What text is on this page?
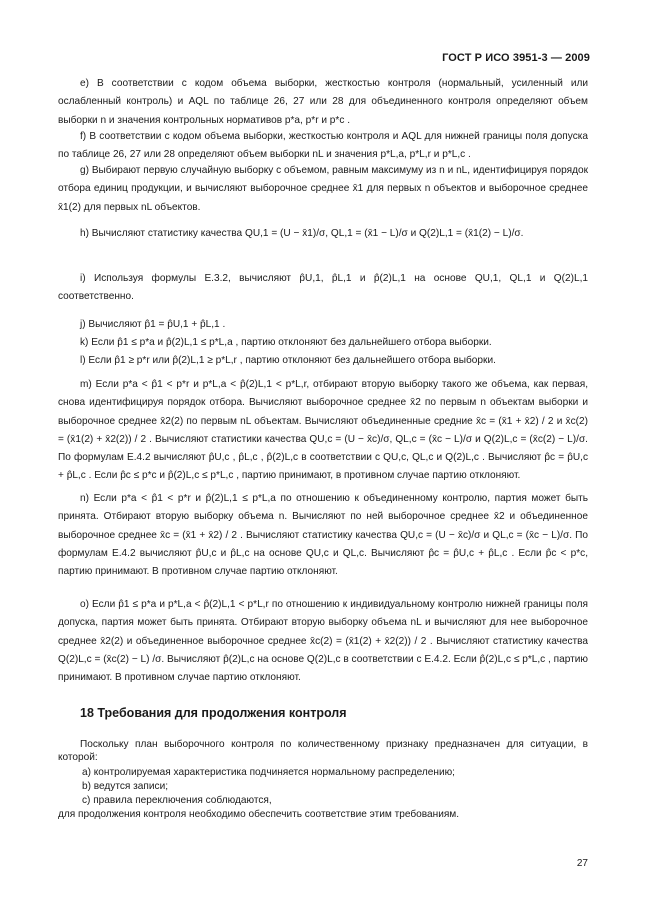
ГОСТ Р ИСО 3951-3 — 2009
e) В соответствии с кодом объема выборки, жесткостью контроля (нормальный, усиленный или ослабленный контроль) и AQL по таблице 26, 27 или 28 для объединенного контроля определяют объем выборки n и значения контрольных нормативов p*a, p*r и p*c .
f) В соответствии с кодом объема выборки, жесткостью контроля и AQL для нижней границы поля допуска по таблице 26, 27 или 28 определяют объем выборки nL и значения p*L,a, p*L,r и p*L,c .
g) Выбирают первую случайную выборку с объемом, равным максимуму из n и nL, идентифицируя порядок отбора единиц продукции, и вычисляют выборочное среднее x̄1 для первых n объектов и выборочное среднее x̄1(2) для первых nL объектов.
h) Вычисляют статистику качества QU,1 = (U − x̄1)/σ, QL,1 = (x̄1 − L)/σ и Q(2)L,1 = (x̄1(2) − L)/σ.
i) Используя формулы Е.3.2, вычисляют p̂U,1, p̂L,1 и p̂(2)L,1 на основе QU,1, QL,1 и Q(2)L,1 соответственно.
j) Вычисляют p̂1 = p̂U,1 + p̂L,1 .
k) Если p̂1 ≤ p*a и p̂(2)L,1 ≤ p*L,a , партию отклоняют без дальнейшего отбора выборки.
l) Если p̂1 ≥ p*r или p̂(2)L,1 ≥ p*L,r , партию отклоняют без дальнейшего отбора выборки.
m) Если p*a < p̂1 < p*r и p*L,a < p̂(2)L,1 < p*L,r, отбирают вторую выборку такого же объема, как первая, снова идентифицируя порядок отбора. Вычисляют выборочное среднее x̄2 по первым n объектам выборки и выборочное среднее x̄2(2) по первым nL объектам. Вычисляют объединенные средние x̄c = (x̄1 + x̄2) / 2 и x̄c(2) = (x̄1(2) + x̄2(2)) / 2 . Вычисляют статистики качества QU,c = (U − x̄c)/σ, QL,c = (x̄c − L)/σ и Q(2)L,c = (x̄c(2) − L)/σ. По формулам Е.4.2 вычисляют p̂U,c , p̂L,c , p̂(2)L,c в соответствии с QU,c, QL,c и Q(2)L,c . Вычисляют p̂c = p̂U,c + p̂L,c . Если p̂c ≤ p*c и p̂(2)L,c ≤ p*L,c , партию принимают, в противном случае партию отклоняют.
n) Если p*a < p̂1 < p*r и p̂(2)L,1 ≤ p*L,a по отношению к объединенному контролю, партия может быть принята. Отбирают вторую выборку объема n. Вычисляют по ней выборочное среднее x̄2 и объединенное выборочное среднее x̄c = (x̄1 + x̄2) / 2 . Вычисляют статистику качества QU,c = (U − x̄c)/σ и QL,c = (x̄c − L)/σ. По формулам Е.4.2 вычисляют p̂U,c и p̂L,c на основе QU,c и QL,c. Вычисляют p̂c = p̂U,c + p̂L,c . Если p̂c < p*c, партию принимают. В противном случае партию отклоняют.
o) Если p̂1 ≤ p*a и p*L,a < p̂(2)L,1 < p*L,r по отношению к индивидуальному контролю нижней границы поля допуска, партия может быть принята. Отбирают вторую выборку объема nL и вычисляют для нее выборочное среднее x̄2(2) и объединенное выборочное среднее x̄c(2) = (x̄1(2) + x̄2(2)) / 2 . Вычисляют статистику качества Q(2)L,c = (x̄c(2) − L) /σ. Вычисляют p̂(2)L,c на основе Q(2)L,c в соответствии с Е.4.2. Если p̂(2)L,c ≤ p*L,c , партию принимают. В противном случае партию отклоняют.
18 Требования для продолжения контроля
Поскольку план выборочного контроля по количественному признаку предназначен для ситуации, в которой:
a) контролируемая характеристика подчиняется нормальному распределению;
b) ведутся записи;
c) правила переключения соблюдаются,
для продолжения контроля необходимо обеспечить соответствие этим требованиям.
27
